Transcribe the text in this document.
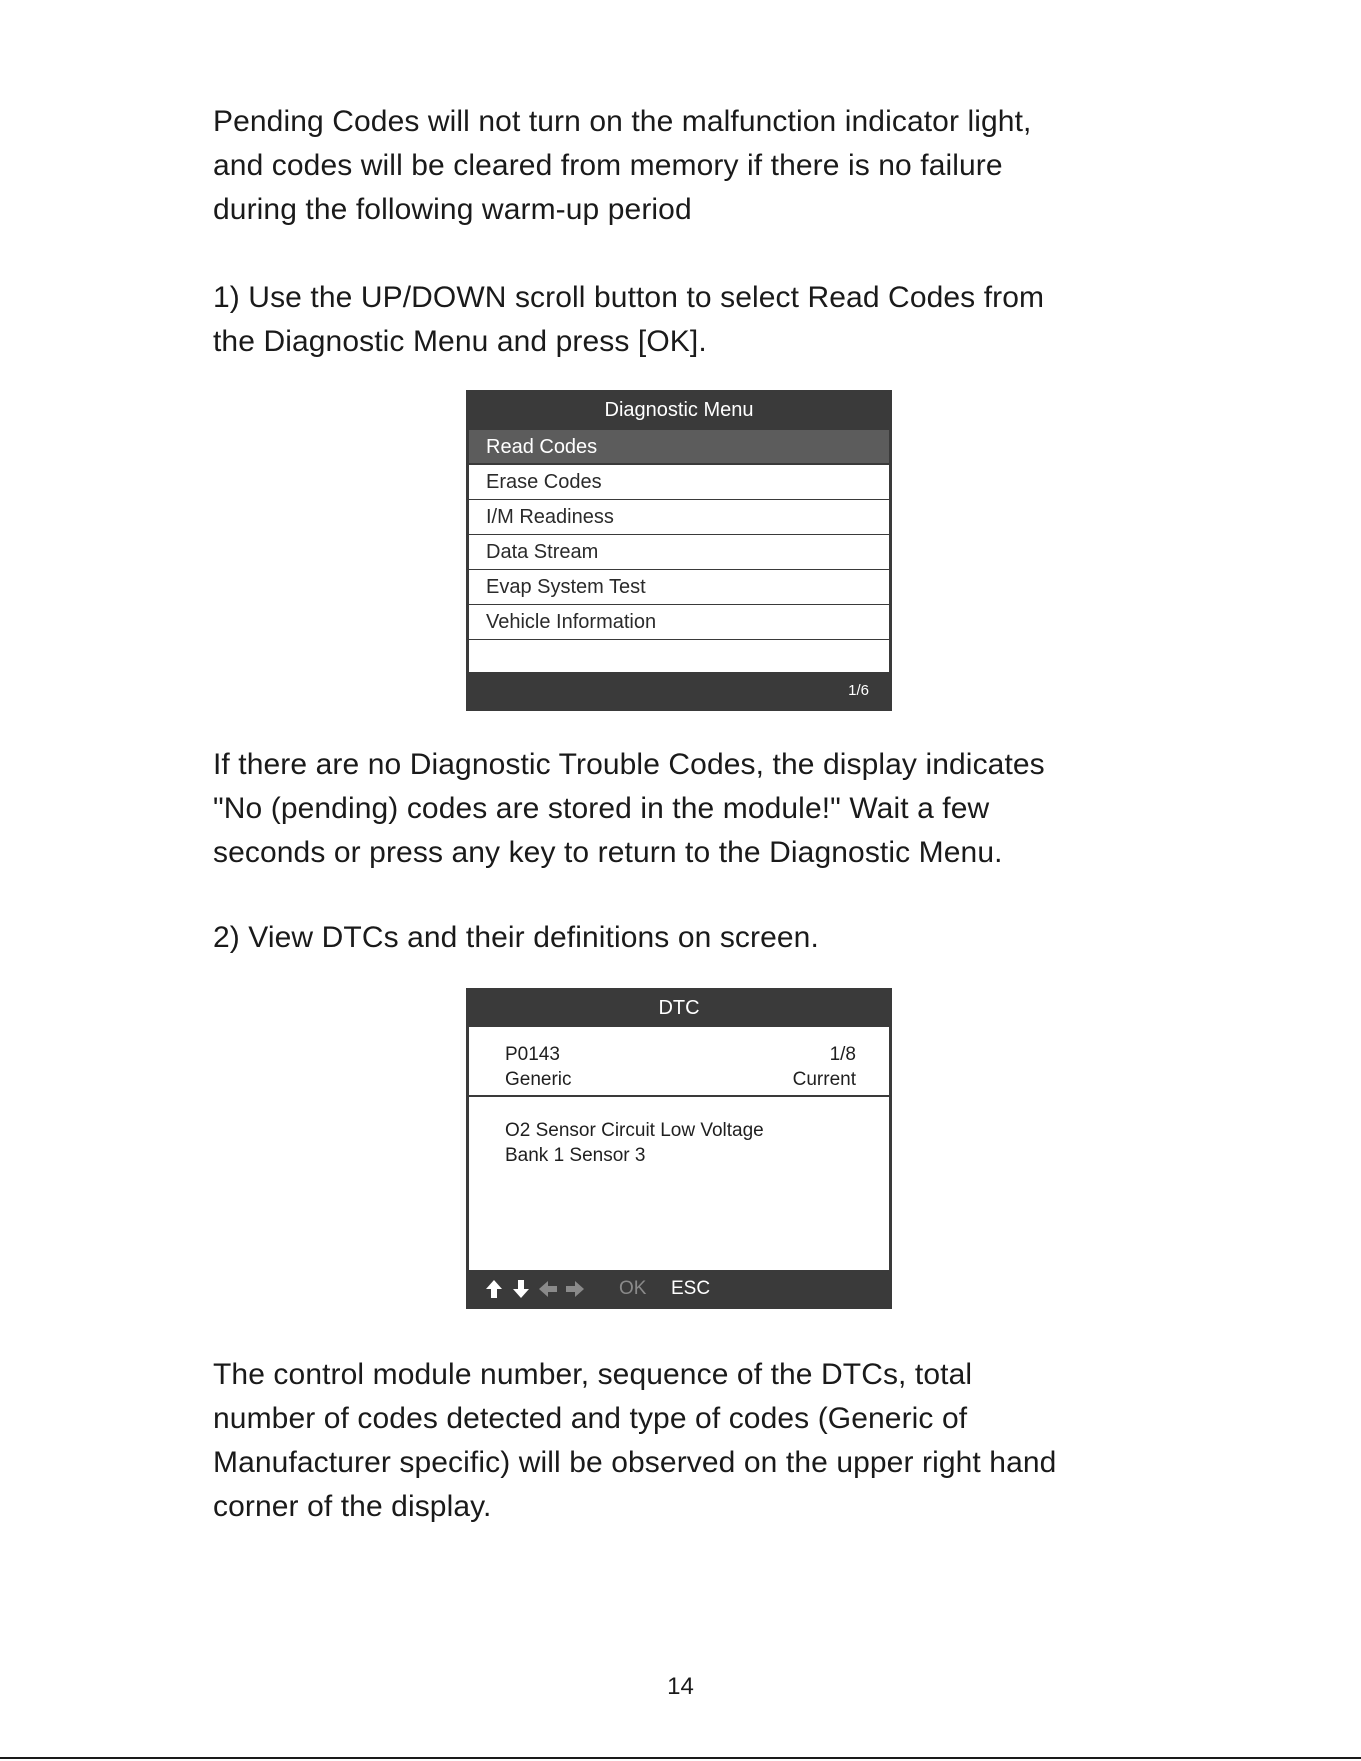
Pending Codes will not turn on the malfunction indicator light,
and codes will be cleared from memory if there is no failure
during the following warm-up period

1) Use the UP/DOWN scroll button to select Read Codes from
the Diagnostic Menu and press [OK].

Diagnostic Menu
Read Codes
Erase Codes
I/M Readiness
Data Stream
Evap System Test
Vehicle Information
1/6

If there are no Diagnostic Trouble Codes, the display indicates
"No (pending) codes are stored in the module!" Wait a few
seconds or press any key to return to the Diagnostic Menu.

2) View DTCs and their definitions on screen.

DTC
P0143
Generic
1/8
Current
O2 Sensor Circuit Low Voltage
Bank 1 Sensor 3
OK ESC

The control module number, sequence of the DTCs, total
number of codes detected and type of codes (Generic of
Manufacturer specific) will be observed on the upper right hand
corner of the display.

14
